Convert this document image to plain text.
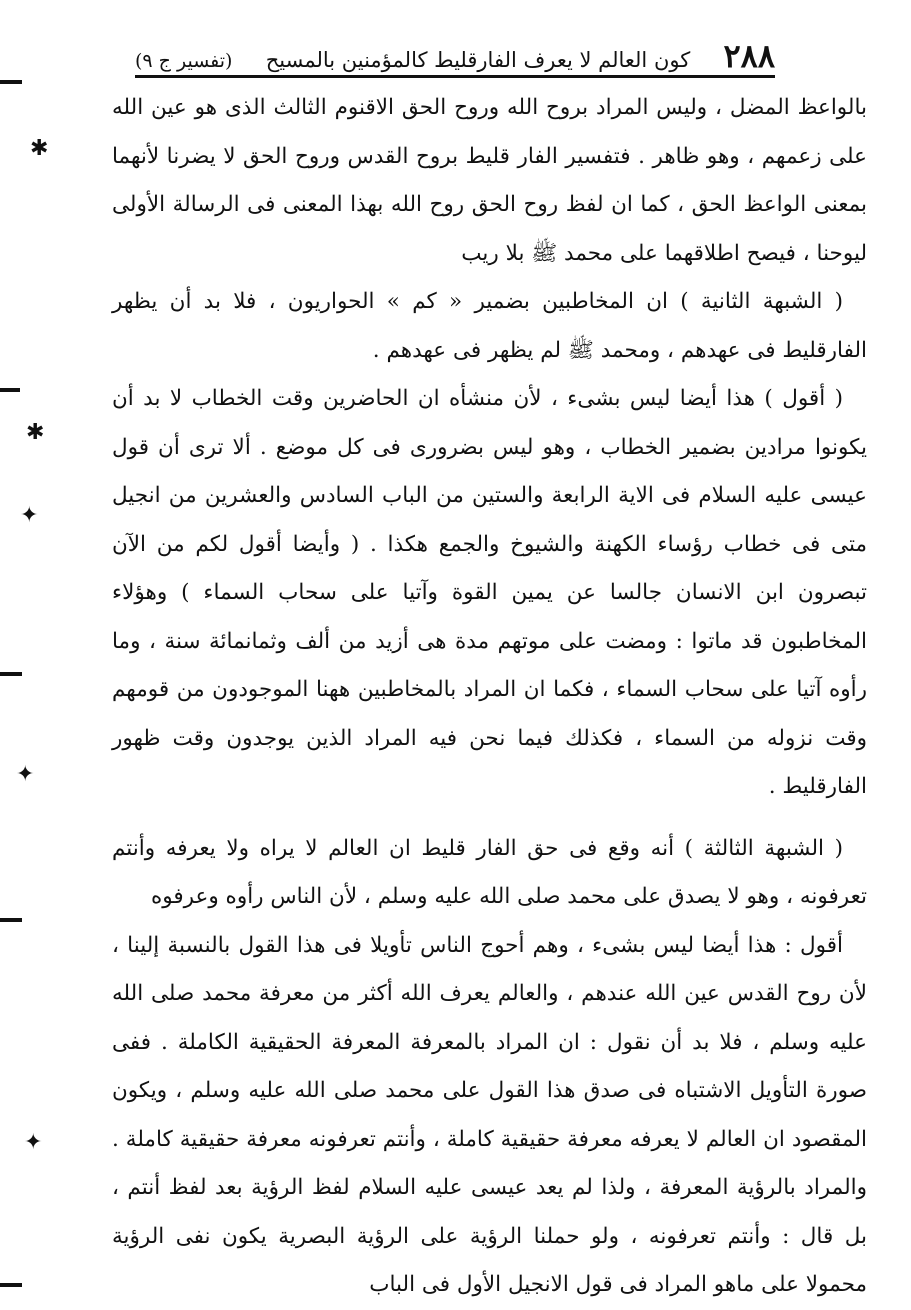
٢٨٨
كون العالم لا يعرف الفارقليط كالمؤمنين بالمسيح
(تفسير ج ٩)

بالواعظ المضل ، وليس المراد بروح الله وروح الحق الاقنوم الثالث الذى هو عين الله على زعمهم ، وهو ظاهر . فتفسير الفار قليط بروح القدس وروح الحق لا يضرنا لأنهما بمعنى الواعظ الحق ، كما ان لفظ روح الحق روح الله بهذا المعنى فى الرسالة الأولى ليوحنا ، فيصح اطلاقهما على محمد ﷺ بلا ريب

( الشبهة الثانية ) ان المخاطبين بضمير « كم » الحواريون ، فلا بد أن يظهر الفارقليط فى عهدهم ، ومحمد ﷺ لم يظهر فى عهدهم .

( أقول ) هذا أيضا ليس بشىء ، لأن منشأه ان الحاضرين وقت الخطاب لا بد أن يكونوا مرادين بضمير الخطاب ، وهو ليس بضرورى فى كل موضع . ألا ترى أن قول عيسى عليه السلام فى الاية الرابعة والستين من الباب السادس والعشرين من انجيل متى فى خطاب رؤساء الكهنة والشيوخ والجمع هكذا . ( وأيضا أقول لكم من الآن تبصرون ابن الانسان جالسا عن يمين القوة وآتيا على سحاب السماء ) وهؤلاء المخاطبون قد ماتوا : ومضت على موتهم مدة هى أزيد من ألف وثمانمائة سنة ، وما رأوه آتيا على سحاب السماء ، فكما ان المراد بالمخاطبين ههنا الموجودون من قومهم وقت نزوله من السماء ، فكذلك فيما نحن فيه المراد الذين يوجدون وقت ظهور الفارقليط .

( الشبهة الثالثة ) أنه وقع فى حق الفار قليط ان العالم لا يراه ولا يعرفه وأنتم تعرفونه ، وهو لا يصدق على محمد صلى الله عليه وسلم ، لأن الناس رأوه وعرفوه

أقول : هذا أيضا ليس بشىء ، وهم أحوج الناس تأويلا فى هذا القول بالنسبة إلينا ، لأن روح القدس عين الله عندهم ، والعالم يعرف الله أكثر من معرفة محمد صلى الله عليه وسلم ، فلا بد أن نقول : ان المراد بالمعرفة المعرفة الحقيقية الكاملة . ففى صورة التأويل الاشتباه فى صدق هذا القول على محمد صلى الله عليه وسلم ، ويكون المقصود ان العالم لا يعرفه معرفة حقيقية كاملة ، وأنتم تعرفونه معرفة حقيقية كاملة . والمراد بالرؤية المعرفة ، ولذا لم يعد عيسى عليه السلام لفظ الرؤية بعد لفظ أنتم ، بل قال : وأنتم تعرفونه ، ولو حملنا الرؤية على الرؤية البصرية يكون نفى الرؤية محمولا على ماهو المراد فى قول الانجيل الأول فى الباب

✱
✱
✦
✦
✦
